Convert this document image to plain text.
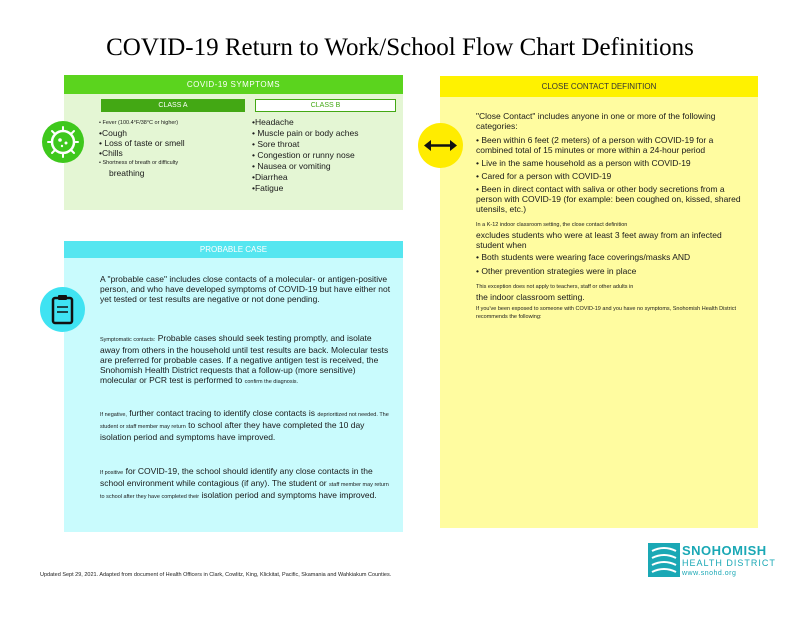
COVID-19 Return to Work/School Flow Chart Definitions
COVID-19 SYMPTOMS
CLASS A	CLASS B
• Fever (100.4°F/38°C or higher)
•Cough
• Loss of taste or smell
•Chills
• Shortness of breath or difficulty
breathing
•Headache
• Muscle pain or body aches
• Sore throat
• Congestion or runny nose
• Nausea or vomiting
•Diarrhea
•Fatigue
PROBABLE CASE
A "probable case" includes close contacts of a molecular- or antigen-positive person, and who have developed symptoms of COVID-19 but have either not yet tested or test results are negative or not done pending.
Symptomatic contacts: Probable cases should seek testing promptly, and isolate away from others in the household until test results are back. Molecular tests are preferred for probable cases. If a negative antigen test is received, the Snohomish Health District requests that a follow-up (more sensitive) molecular or PCR test is performed to confirm the diagnosis.
If negative, further contact tracing to identify close contacts is deprioritized not needed. The student or staff member may return to school after they have completed the 10 day isolation period and symptoms have improved.
If positive for COVID-19, the school should identify any close contacts in the school environment while contagious (if any). The student or staff member may return to school after they have completed their isolation period and symptoms have improved.
CLOSE CONTACT DEFINITION
"Close Contact" includes anyone in one or more of the following categories:
• Been within 6 feet (2 meters) of a person with COVID-19 for a combined total of 15 minutes or more within a 24-hour period
• Live in the same household as a person with COVID-19
• Cared for a person with COVID-19
• Been in direct contact with saliva or other body secretions from a person with COVID-19 (for example: been coughed on, kissed, shared utensils, etc.)
In a K-12 indoor classroom setting, the close contact definition
excludes students who were at least 3 feet away from an infected student when
• Both students were wearing face coverings/masks AND
• Other prevention strategies were in place
This exception does not apply to teachers, staff or other adults in
the indoor classroom setting.
If you've been exposed to someone with COVID-19 and you have no symptoms, Snohomish Health District recommends the following:
Updated Sept 29, 2021. Adapted from document of Health Officers in Clark, Cowlitz, King, Klickitat, Pacific, Skamania and Wahkiakum Counties.
SNOHOMISH
HEALTH DISTRICT
www.snohd.org
